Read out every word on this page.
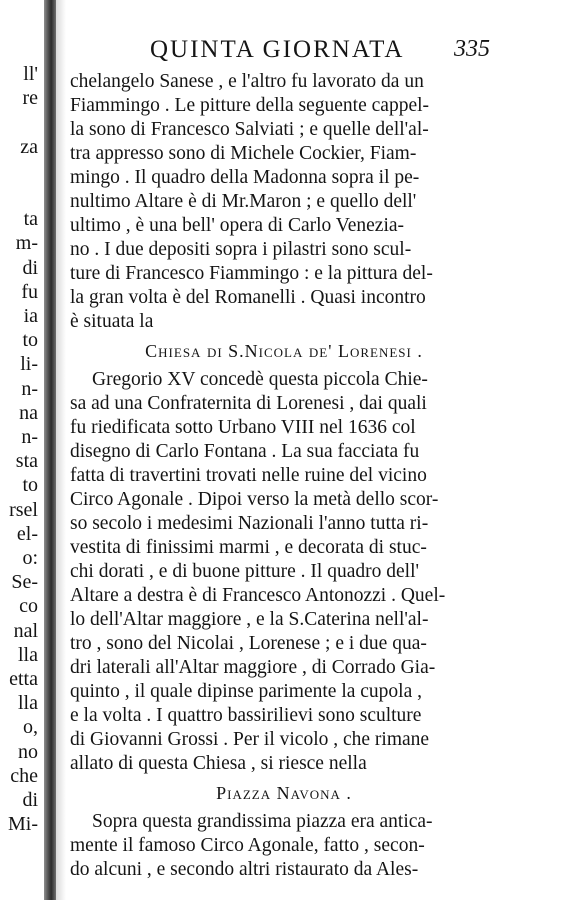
ll'
re
za
ta
m-
di
fu
ia
to
li-
n-
na
n-
sta
to
rsel
el-
o:
Se-
co
nal
lla
etta
lla
o,
no
che
di
Mi-
QUINTA GIORNATA 335
chelangelo Sanese , e l'altro fu lavorato da un
Fiammingo . Le pitture della seguente cappel-
la sono di Francesco Salviati ; e quelle dell'al-
tra appresso sono di Michele Cockier, Fiam-
mingo . Il quadro della Madonna sopra il pe-
nultimo Altare è di Mr.Maron ; e quello dell'
ultimo , è una bell' opera di Carlo Veneziа-
no . I due depositi sopra i pilastri sono scul-
ture di Francesco Fiammingo : e la pittura del-
la gran volta è del Romanelli . Quasi incontro
è situata la
Chiesa di S.Nicola de' Lorenesi .
Gregorio XV concedè questa piccola Chie-
sa ad una Confraternita di Lorenesi , dai quali
fu riedificata sotto Urbano VIII nel 1636 col
disegno di Carlo Fontana . La sua facciata fu
fatta di travertini trovati nelle ruine del vicino
Circo Agonale . Dipoi verso la metà dello scor-
so secolo i medesimi Nazionali l'anno tutta ri-
vestita di finissimi marmi , e decorata di stuc-
chi dorati , e di buone pitture . Il quadro dell'
Altare a destra è di Francesco Antonozzi . Quel-
lo dell'Altar maggiore , e la S.Caterina nell'al-
tro , sono del Nicolai , Lorenese ; e i due qua-
dri laterali all'Altar maggiore , di Corrado Gia-
quinto , il quale dipinse parimente la cupola ,
e la volta . I quattro bassirilievi sono sculture
di Giovanni Grossi . Per il vicolo , che rimane
allato di questa Chiesa , si riesce nella
Piazza Navona .
Sopra questa grandissima piazza era anticа-
mente il famoso Circo Agonale, fatto , secon-
do alcuni , e secondo altri ristaurato da Ales-
